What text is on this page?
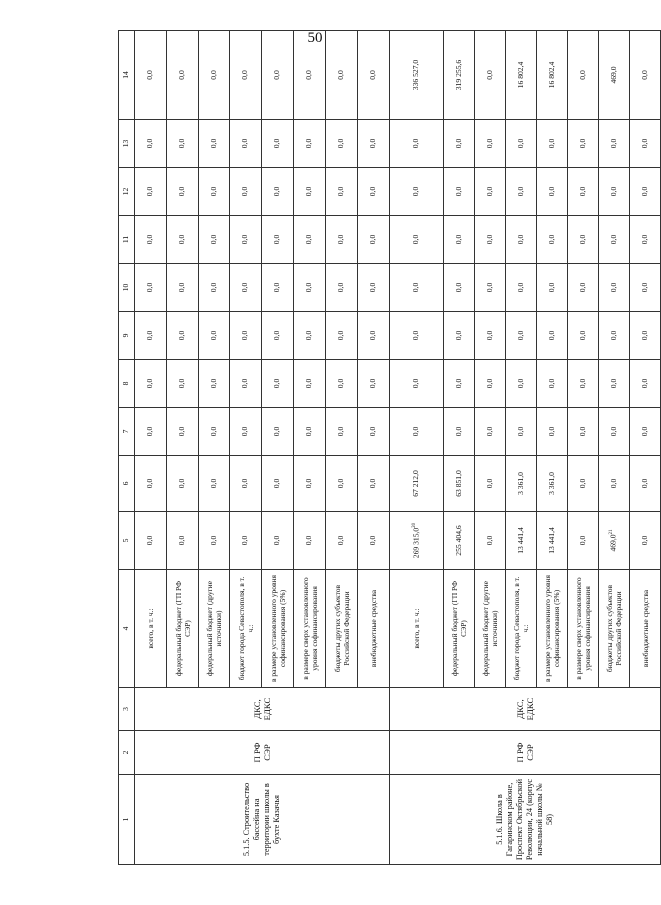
50
1	2	3	4	5	6	7	8	9	10	11	12	13	14
5.1.5. Строительство бассейна на территории школы в бухте Казачья	П РФ СЭР	ДКС, ЕДКС	всего, в т. ч.:	0,0	0,0	0,0	0,0	0,0	0,0	0,0	0,0	0,0	0,0
			федеральный бюджет (ГП РФ СЭР)	0,0	0,0	0,0	0,0	0,0	0,0	0,0	0,0	0,0	0,0
			федеральный бюджет (другие источники)	0,0	0,0	0,0	0,0	0,0	0,0	0,0	0,0	0,0	0,0
			бюджет города Севастополя, в т. ч.:	0,0	0,0	0,0	0,0	0,0	0,0	0,0	0,0	0,0	0,0
			в размере установленного уровня софинансирования (5%)	0,0	0,0	0,0	0,0	0,0	0,0	0,0	0,0	0,0	0,0
			в размере сверх установленного уровня софинансирования	0,0	0,0	0,0	0,0	0,0	0,0	0,0	0,0	0,0	0,0
			бюджеты других субъектов Российской Федерации	0,0	0,0	0,0	0,0	0,0	0,0	0,0	0,0	0,0	0,0
			внебюджетные средства	0,0	0,0	0,0	0,0	0,0	0,0	0,0	0,0	0,0	0,0
5.1.6. Школа в Гагаринском районе, Проспект Октябрьской Революции, 24 (корпус начальной школы № 58)	П РФ СЭР	ДКС, ЕДКС	всего, в т. ч.:	269 315,0$^{20}$	67 212,0	0,0	0,0	0,0	0,0	0,0	0,0	0,0	336 527,0
			федеральный бюджет (ГП РФ СЭР)	255 404,6	63 851,0	0,0	0,0	0,0	0,0	0,0	0,0	0,0	319 255,6
			федеральный бюджет (другие источники)	0,0	0,0	0,0	0,0	0,0	0,0	0,0	0,0	0,0	0,0
			бюджет города Севастополя, в т. ч.:	13 441,4	3 361,0	0,0	0,0	0,0	0,0	0,0	0,0	0,0	16 802,4
			в размере установленного уровня софинансирования (5%)	13 441,4	3 361,0	0,0	0,0	0,0	0,0	0,0	0,0	0,0	16 802,4
			в размере сверх установленного уровня софинансирования	0,0	0,0	0,0	0,0	0,0	0,0	0,0	0,0	0,0	0,0
			бюджеты других субъектов Российской Федерации	469,0$^{21}$	0,0	0,0	0,0	0,0	0,0	0,0	0,0	0,0	469,0
			внебюджетные средства	0,0	0,0	0,0	0,0	0,0	0,0	0,0	0,0	0,0	0,0
